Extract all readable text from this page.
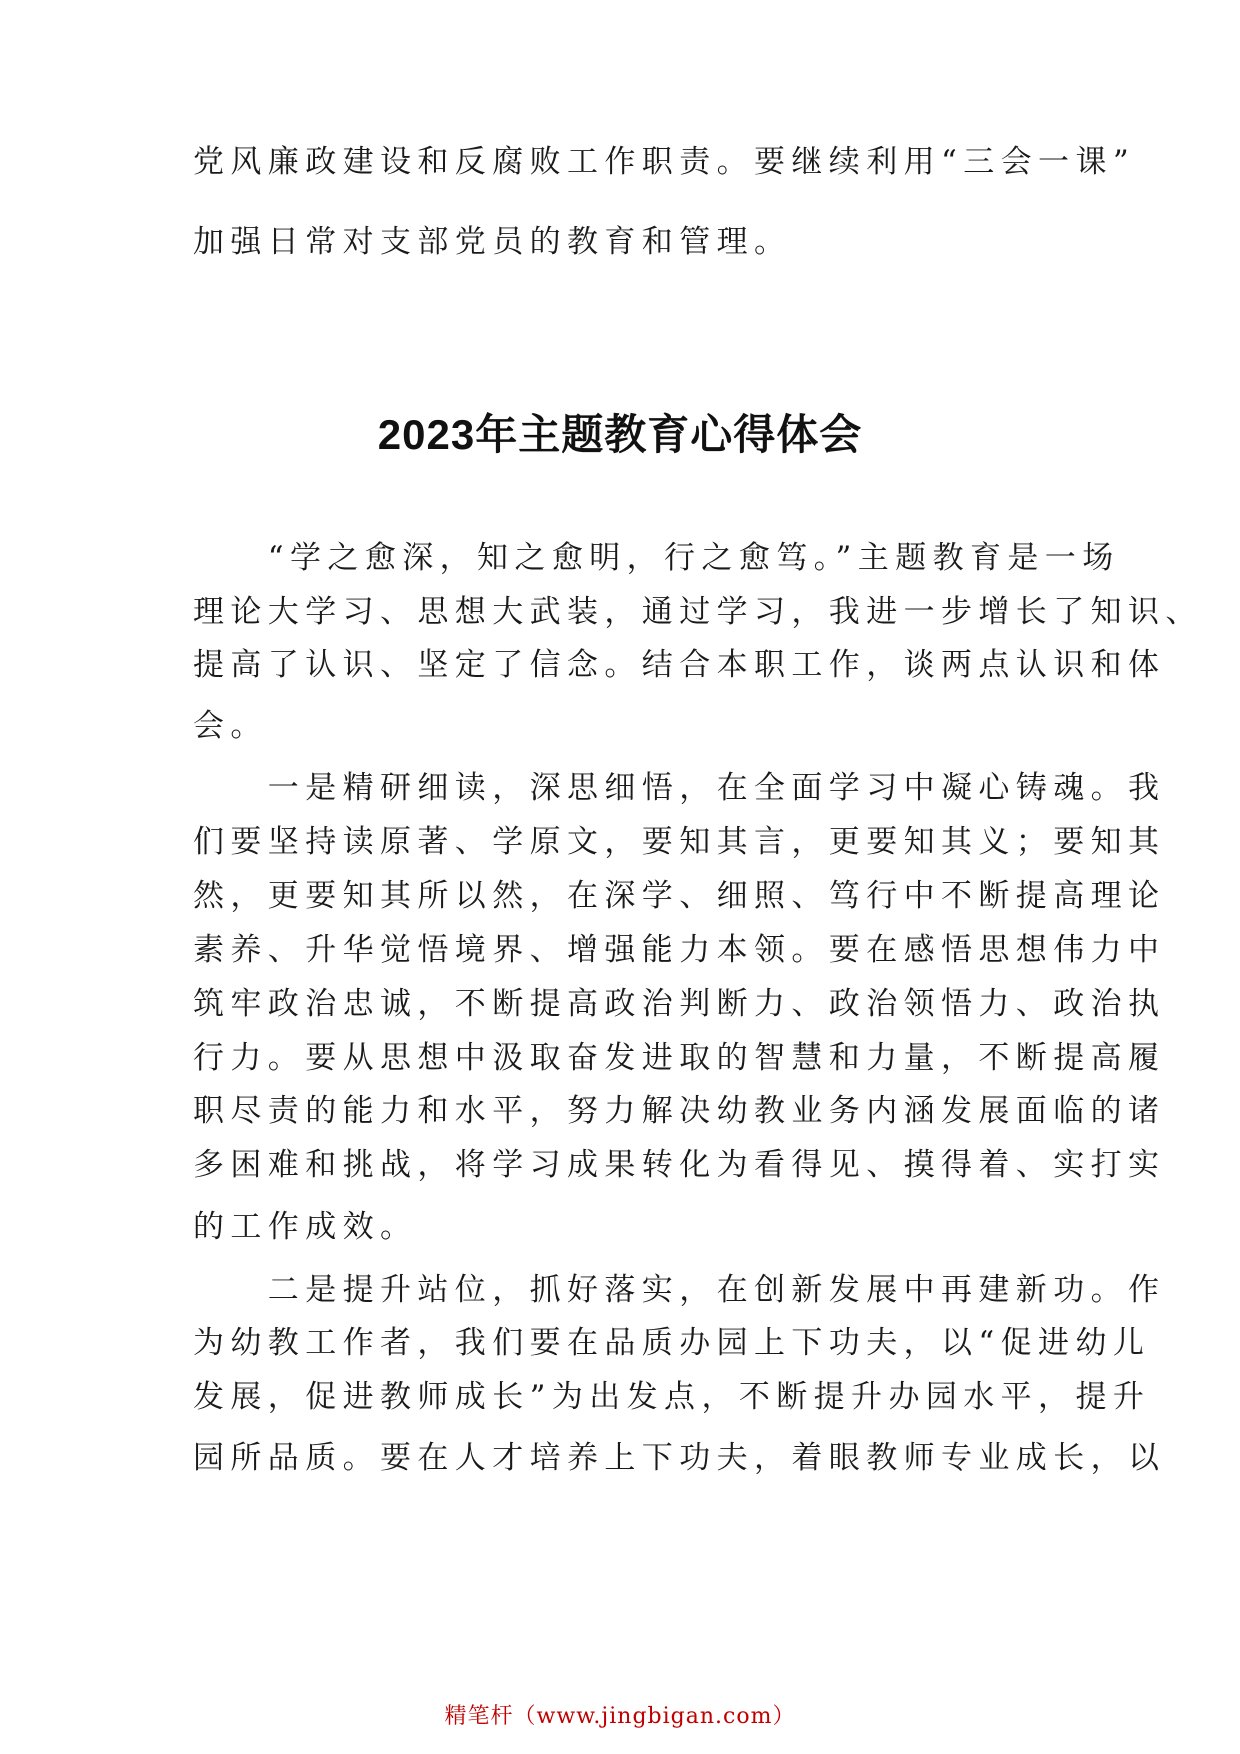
党风廉政建设和反腐败工作职责。要继续利用“三会一课”
加强日常对支部党员的教育和管理。
2023年主题教育心得体会
　　“学之愈深，知之愈明，行之愈笃。”主题教育是一场
理论大学习、思想大武装，通过学习，我进一步增长了知识、
提高了认识、坚定了信念。结合本职工作，谈两点认识和体
会。
　　一是精研细读，深思细悟，在全面学习中凝心铸魂。我
们要坚持读原著、学原文，要知其言，更要知其义；要知其
然，更要知其所以然，在深学、细照、笃行中不断提高理论
素养、升华觉悟境界、增强能力本领。要在感悟思想伟力中
筑牢政治忠诚，不断提高政治判断力、政治领悟力、政治执
行力。要从思想中汲取奋发进取的智慧和力量，不断提高履
职尽责的能力和水平，努力解决幼教业务内涵发展面临的诸
多困难和挑战，将学习成果转化为看得见、摸得着、实打实
的工作成效。
　　二是提升站位，抓好落实，在创新发展中再建新功。作
为幼教工作者，我们要在品质办园上下功夫，以“促进幼儿
发展，促进教师成长”为出发点，不断提升办园水平，提升
园所品质。要在人才培养上下功夫，着眼教师专业成长，以
精笔杆（www.jingbigan.com）
